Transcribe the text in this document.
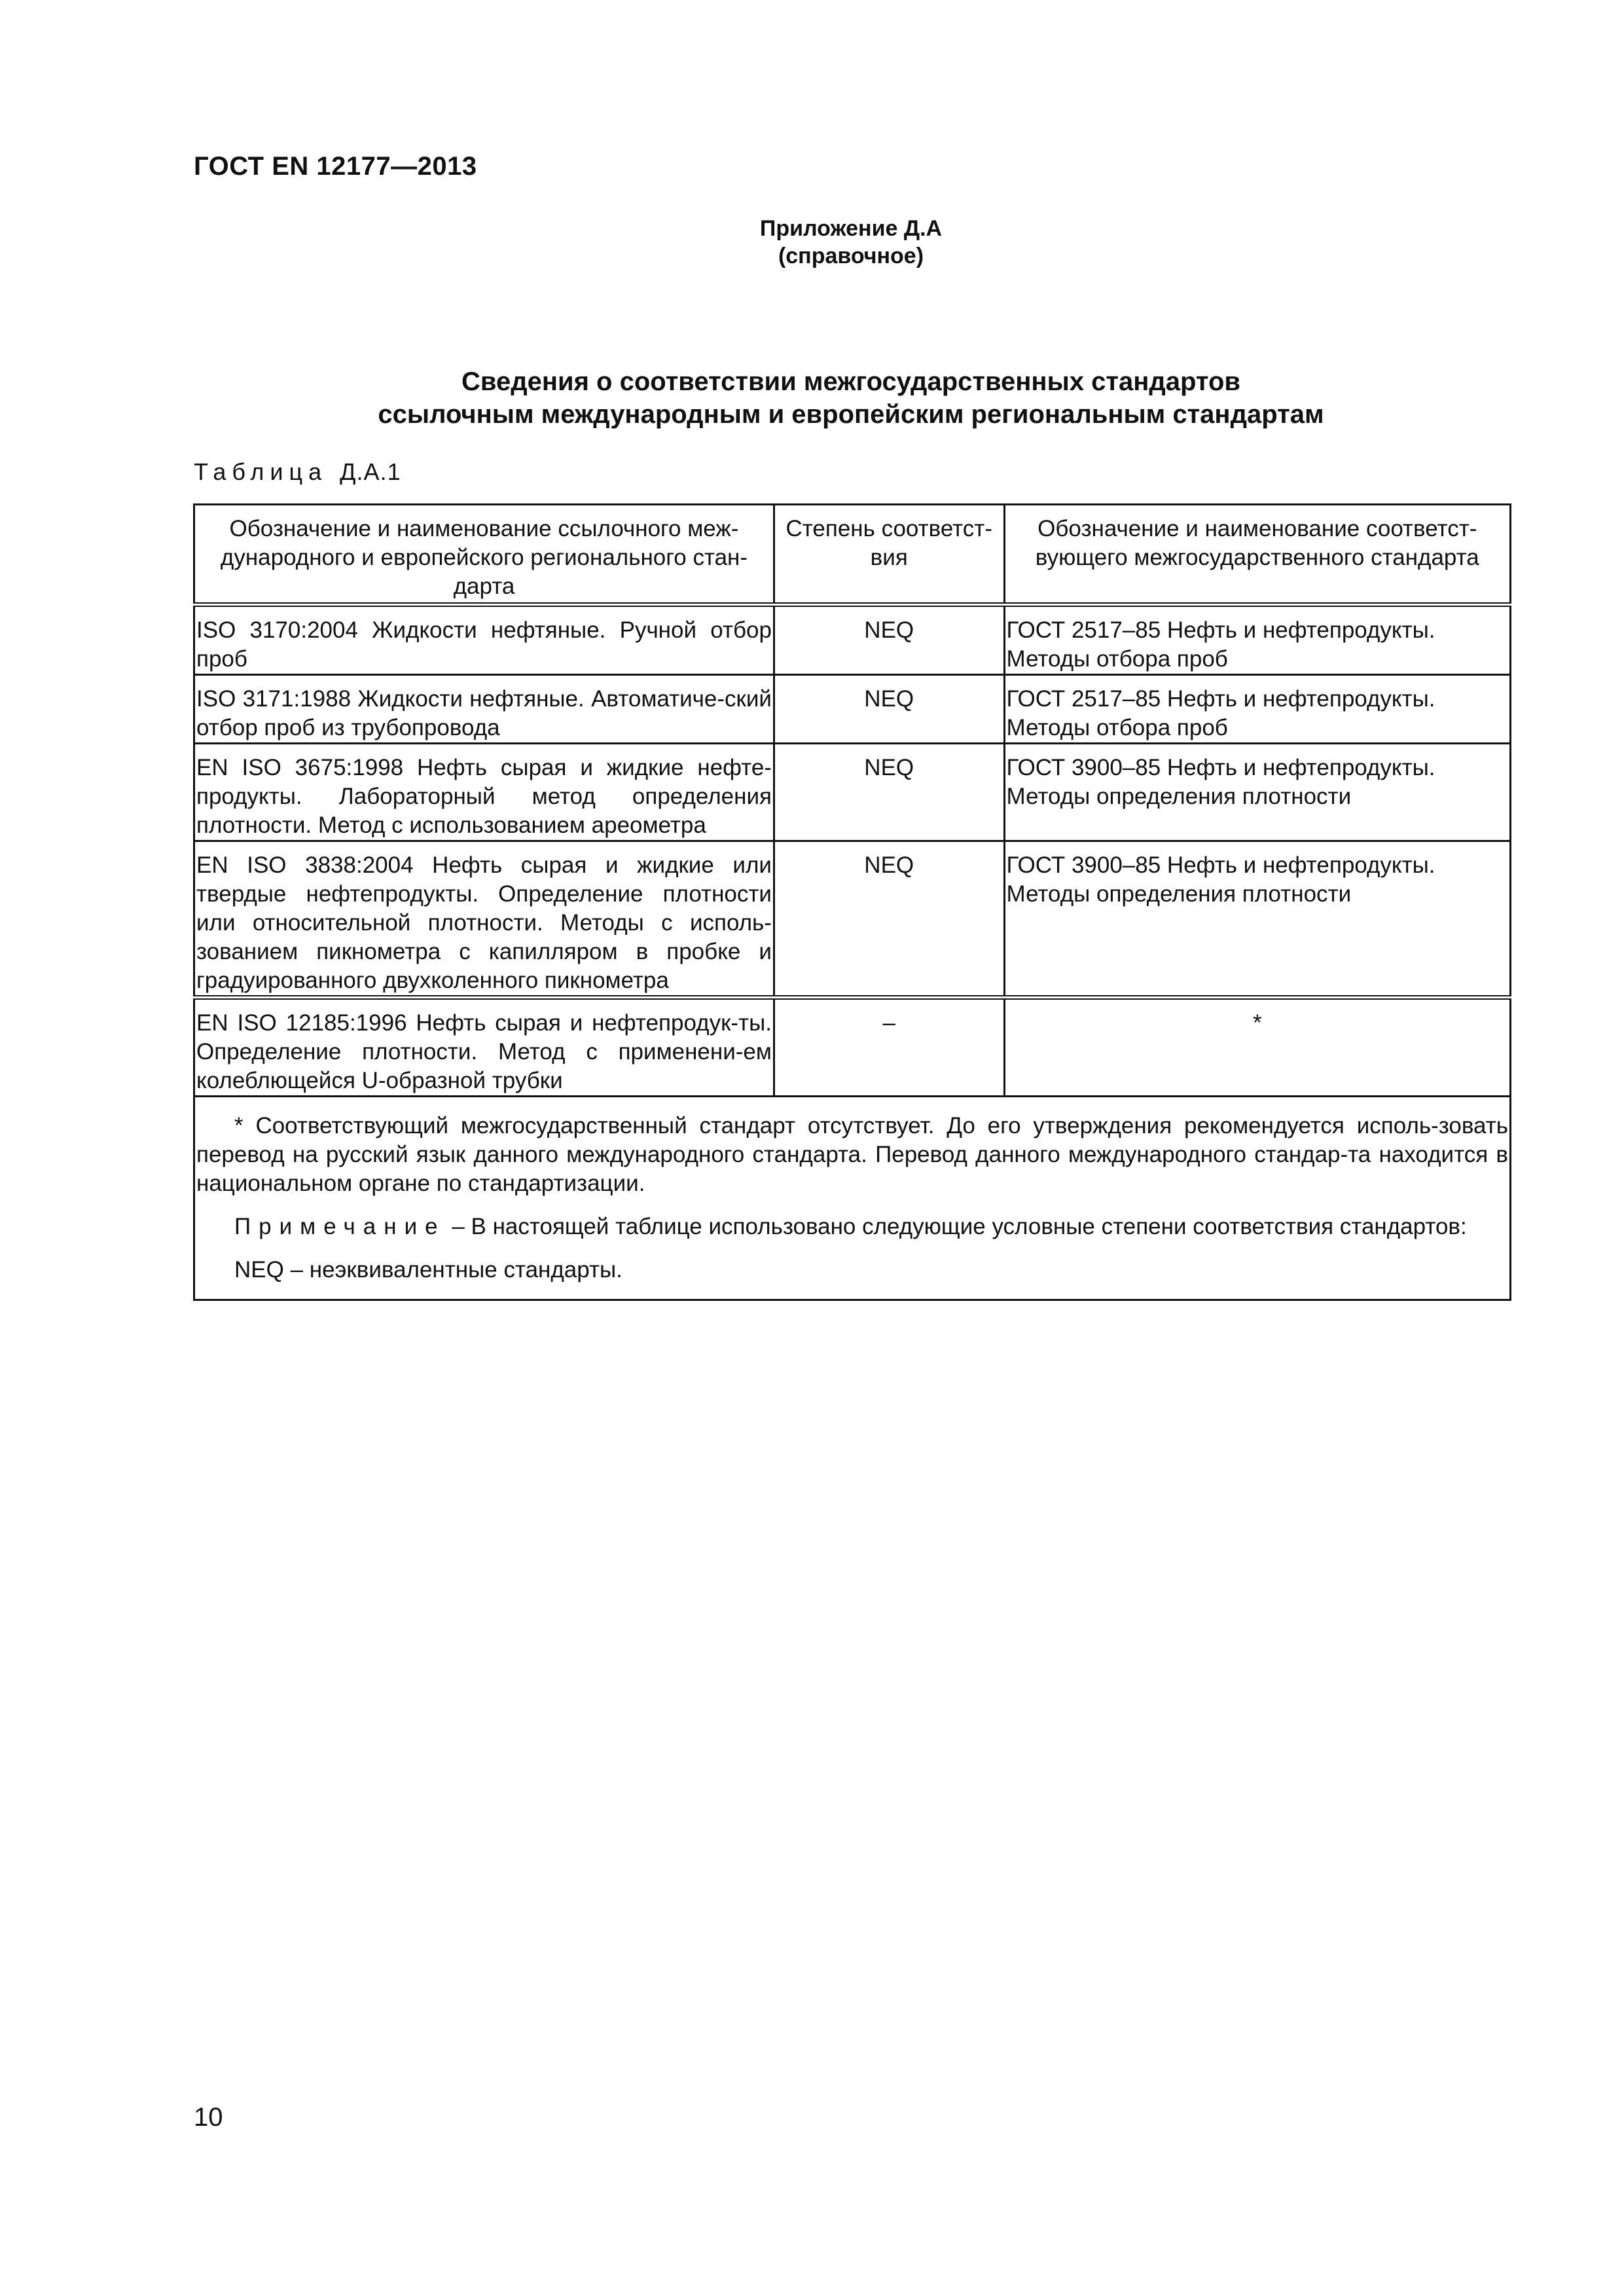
ГОСТ EN 12177—2013
Приложение Д.А
(справочное)
Сведения о соответствии межгосударственных стандартов
ссылочным международным и европейским региональным стандартам
Таблица Д.А.1
Обозначение и наименование ссылочного меж-дународного и европейского регионального стан-дарта	Степень соответст-вия	Обозначение и наименование соответст-вующего межгосударственного стандарта
ISO 3170:2004 Жидкости нефтяные. Ручной отбор проб	NEQ	ГОСТ 2517–85 Нефть и нефтепродукты. Методы отбора проб
ISO 3171:1988 Жидкости нефтяные. Автоматиче-ский отбор проб из трубопровода	NEQ	ГОСТ 2517–85 Нефть и нефтепродукты. Методы отбора проб
EN ISO 3675:1998 Нефть сырая и жидкие нефте-продукты. Лабораторный метод определения плотности. Метод с использованием ареометра	NEQ	ГОСТ 3900–85 Нефть и нефтепродукты. Методы определения плотности
EN ISO 3838:2004 Нефть сырая и жидкие или твердые нефтепродукты. Определение плотности или относительной плотности. Методы с исполь-зованием пикнометра с капилляром в пробке и градуированного двухколенного пикнометра	NEQ	ГОСТ 3900–85 Нефть и нефтепродукты. Методы определения плотности
EN ISO 12185:1996 Нефть сырая и нефтепродук-ты. Определение плотности. Метод с применени-ем колеблющейся U-образной трубки	–	*

* Соответствующий межгосударственный стандарт отсутствует. До его утверждения рекомендуется исполь-зовать перевод на русский язык данного международного стандарта. Перевод данного международного стандар-та находится в национальном органе по стандартизации.

Примечание – В настоящей таблице использовано следующие условные степени соответствия стандартов:

NEQ – неэквивалентные стандарты.		

10
